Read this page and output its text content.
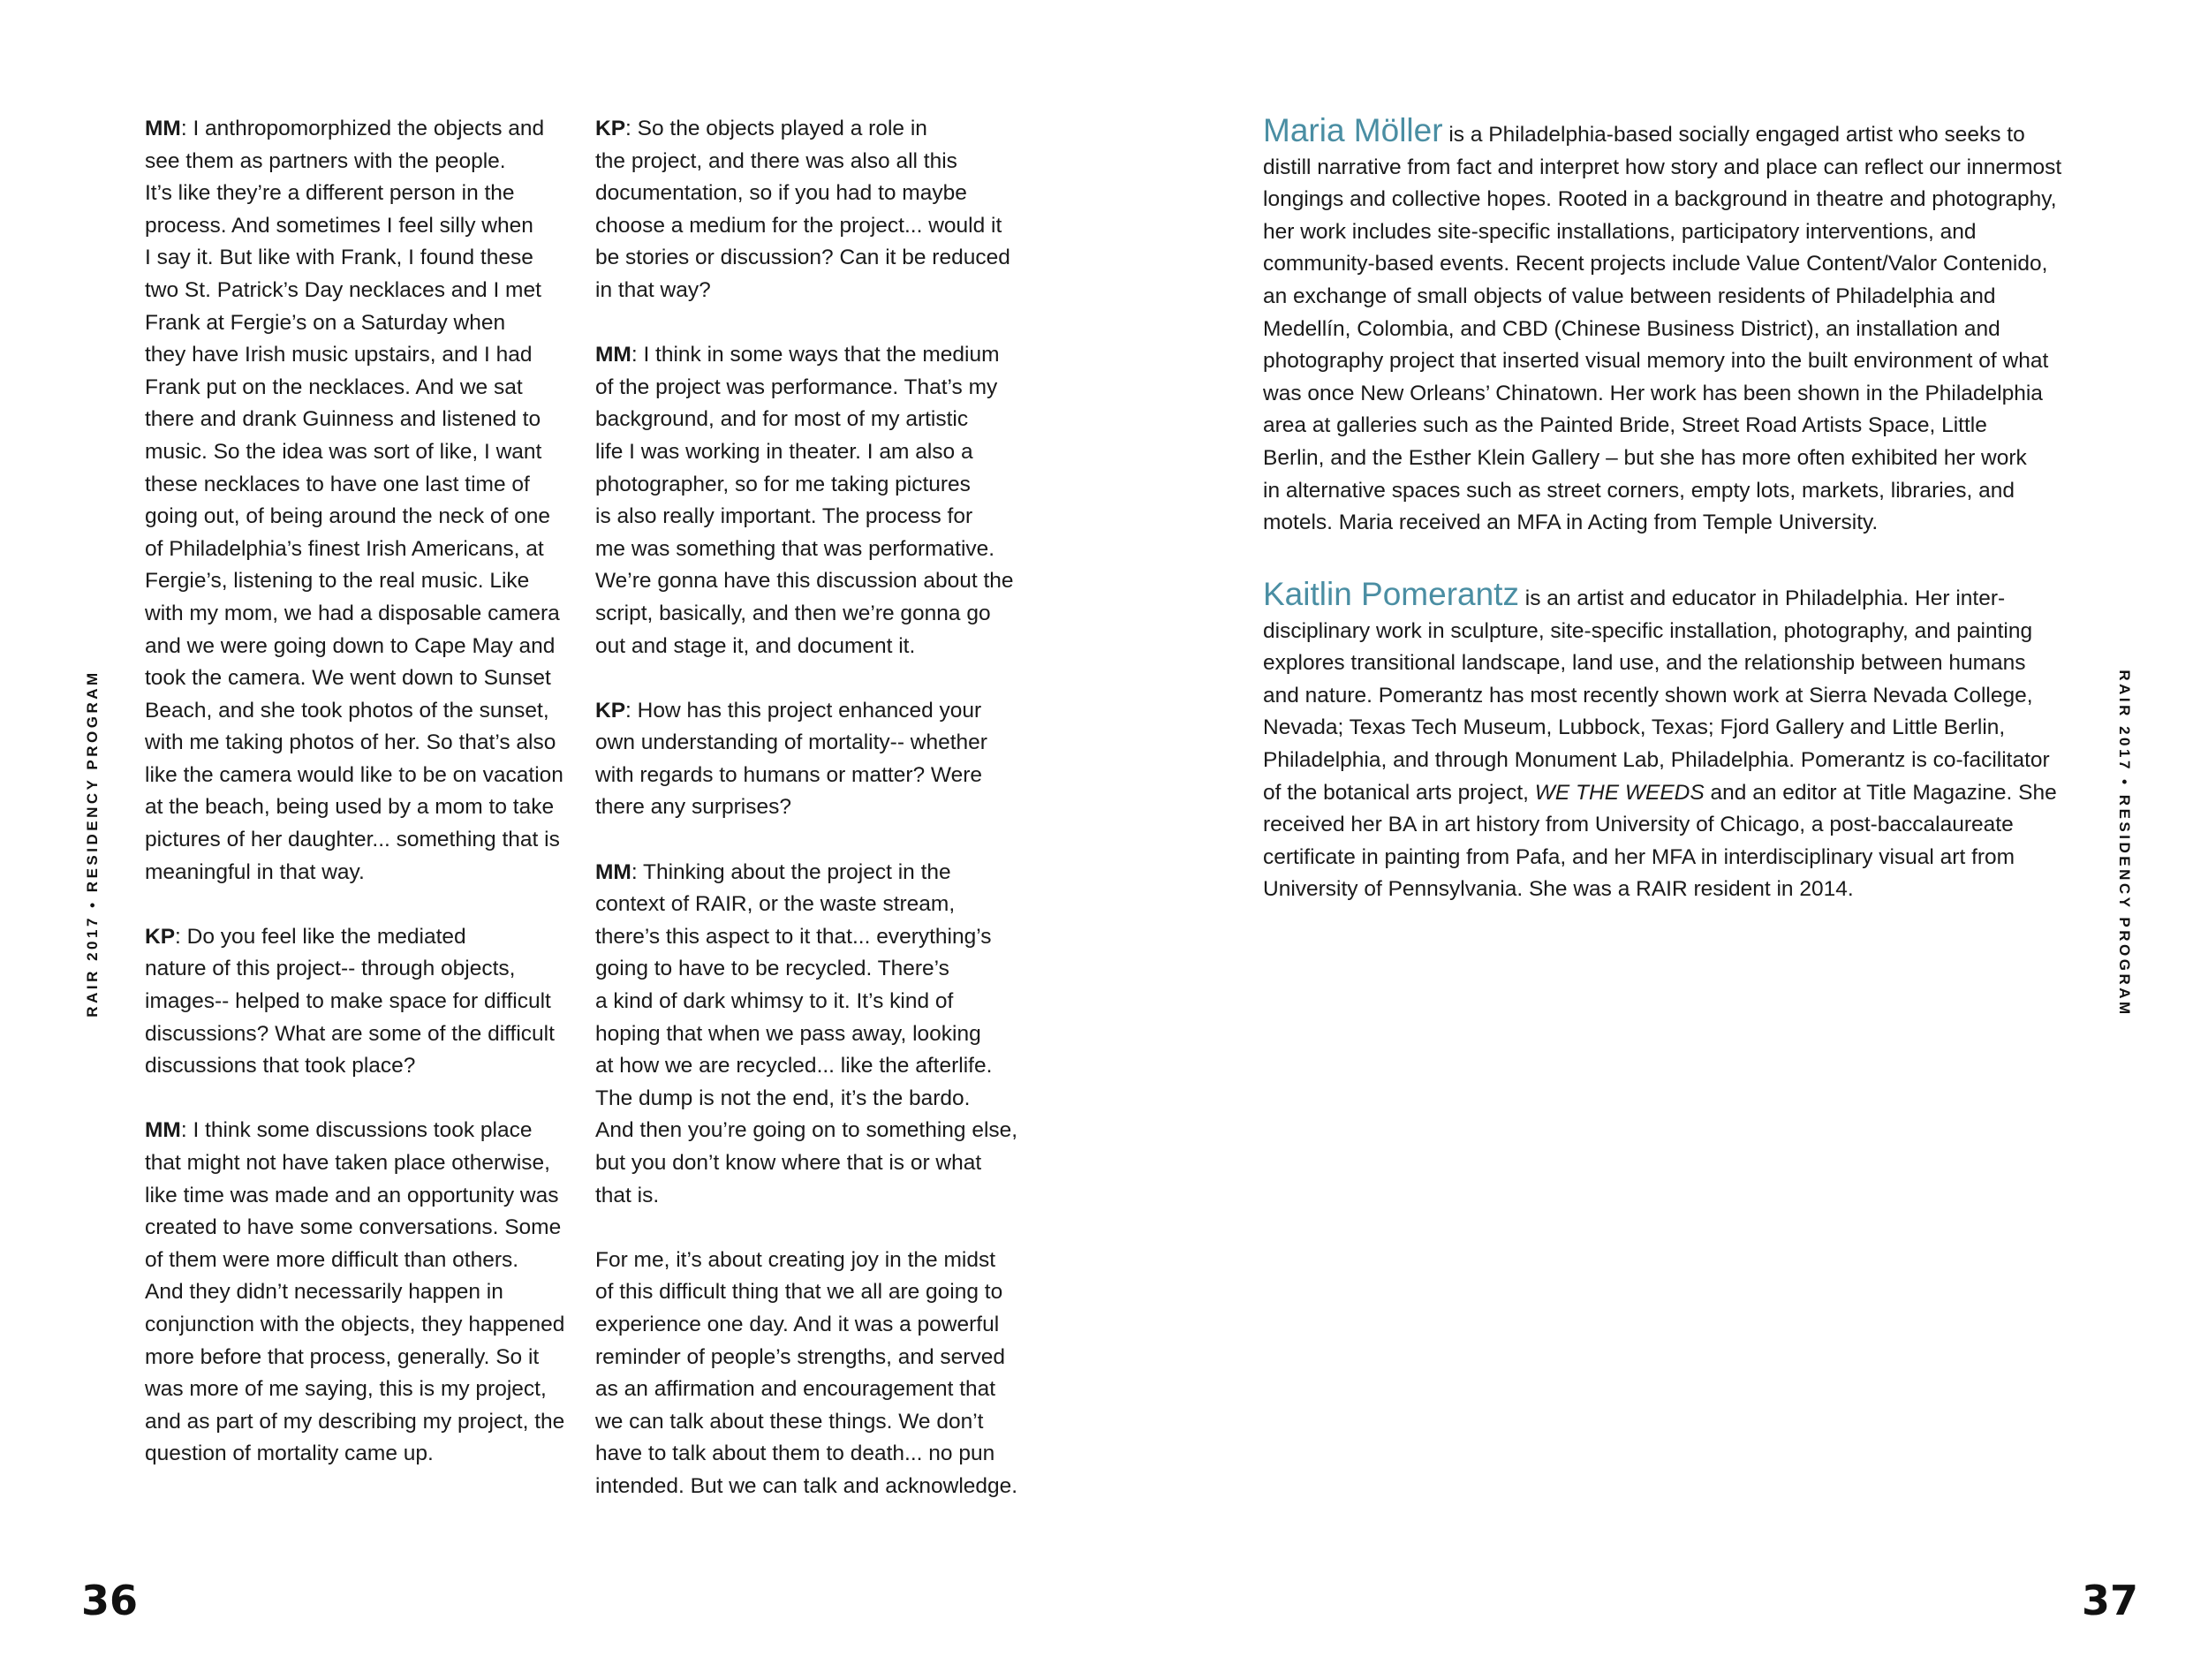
RAIR 2017 • RESIDENCY PROGRAM	RAIR 2017 • RESIDENCY PROGRAM
MM: I anthropomorphized the objects and
see them as partners with the people.
It’s like they’re a different person in the
process. And sometimes I feel silly when
I say it. But like with Frank, I found these
two St. Patrick’s Day necklaces and I met
Frank at Fergie’s on a Saturday when
they have Irish music upstairs, and I had
Frank put on the necklaces. And we sat
there and drank Guinness and listened to
music. So the idea was sort of like, I want
these necklaces to have one last time of
going out, of being around the neck of one
of Philadelphia’s finest Irish Americans, at
Fergie’s, listening to the real music. Like
with my mom, we had a disposable camera
and we were going down to Cape May and
took the camera. We went down to Sunset
Beach, and she took photos of the sunset,
with me taking photos of her. So that’s also
like the camera would like to be on vacation
at the beach, being used by a mom to take
pictures of her daughter... something that is
meaningful in that way.
KP: Do you feel like the mediated
nature of this project-- through objects,
images-- helped to make space for difficult
discussions? What are some of the difficult
discussions that took place?
MM: I think some discussions took place
that might not have taken place otherwise,
like time was made and an opportunity was
created to have some conversations. Some
of them were more difficult than others.
And they didn’t necessarily happen in
conjunction with the objects, they happened
more before that process, generally. So it
was more of me saying, this is my project,
and as part of my describing my project, the
question of mortality came up.
KP: So the objects played a role in
the project, and there was also all this
documentation, so if you had to maybe
choose a medium for the project... would it
be stories or discussion? Can it be reduced
in that way?
MM: I think in some ways that the medium
of the project was performance. That’s my
background, and for most of my artistic
life I was working in theater. I am also a
photographer, so for me taking pictures
is also really important. The process for
me was something that was performative.
We’re gonna have this discussion about the
script, basically, and then we’re gonna go
out and stage it, and document it.
KP: How has this project enhanced your
own understanding of mortality-- whether
with regards to humans or matter? Were
there any surprises?
MM: Thinking about the project in the
context of RAIR, or the waste stream,
there’s this aspect to it that... everything’s
going to have to be recycled. There’s
a kind of dark whimsy to it. It’s kind of
hoping that when we pass away, looking
at how we are recycled... like the afterlife.
The dump is not the end, it’s the bardo.
And then you’re going on to something else,
but you don’t know where that is or what
that is.
For me, it’s about creating joy in the midst
of this difficult thing that we all are going to
experience one day. And it was a powerful
reminder of people’s strengths, and served
as an affirmation and encouragement that
we can talk about these things. We don’t
have to talk about them to death... no pun
intended. But we can talk and acknowledge.
Maria Möller is a Philadelphia-based socially engaged artist who seeks to
distill narrative from fact and interpret how story and place can reflect our innermost
longings and collective hopes. Rooted in a background in theatre and photography,
her work includes site-specific installations, participatory interventions, and
community-based events. Recent projects include Value Content/Valor Contenido,
an exchange of small objects of value between residents of Philadelphia and
Medellín, Colombia, and CBD (Chinese Business District), an installation and
photography project that inserted visual memory into the built environment of what
was once New Orleans’ Chinatown. Her work has been shown in the Philadelphia
area at galleries such as the Painted Bride, Street Road Artists Space, Little
Berlin, and the Esther Klein Gallery – but she has more often exhibited her work
in alternative spaces such as street corners, empty lots, markets, libraries, and
motels. Maria received an MFA in Acting from Temple University.
Kaitlin Pomerantz is an artist and educator in Philadelphia. Her inter-
disciplinary work in sculpture, site-specific installation, photography, and painting
explores transitional landscape, land use, and the relationship between humans
and nature. Pomerantz has most recently shown work at Sierra Nevada College,
Nevada; Texas Tech Museum, Lubbock, Texas; Fjord Gallery and Little Berlin,
Philadelphia, and through Monument Lab, Philadelphia. Pomerantz is co-facilitator
of the botanical arts project, WE THE WEEDS and an editor at Title Magazine. She
received her BA in art history from University of Chicago, a post-baccalaureate
certificate in painting from Pafa, and her MFA in interdisciplinary visual art from
University of Pennsylvania. She was a RAIR resident in 2014.
36	37
